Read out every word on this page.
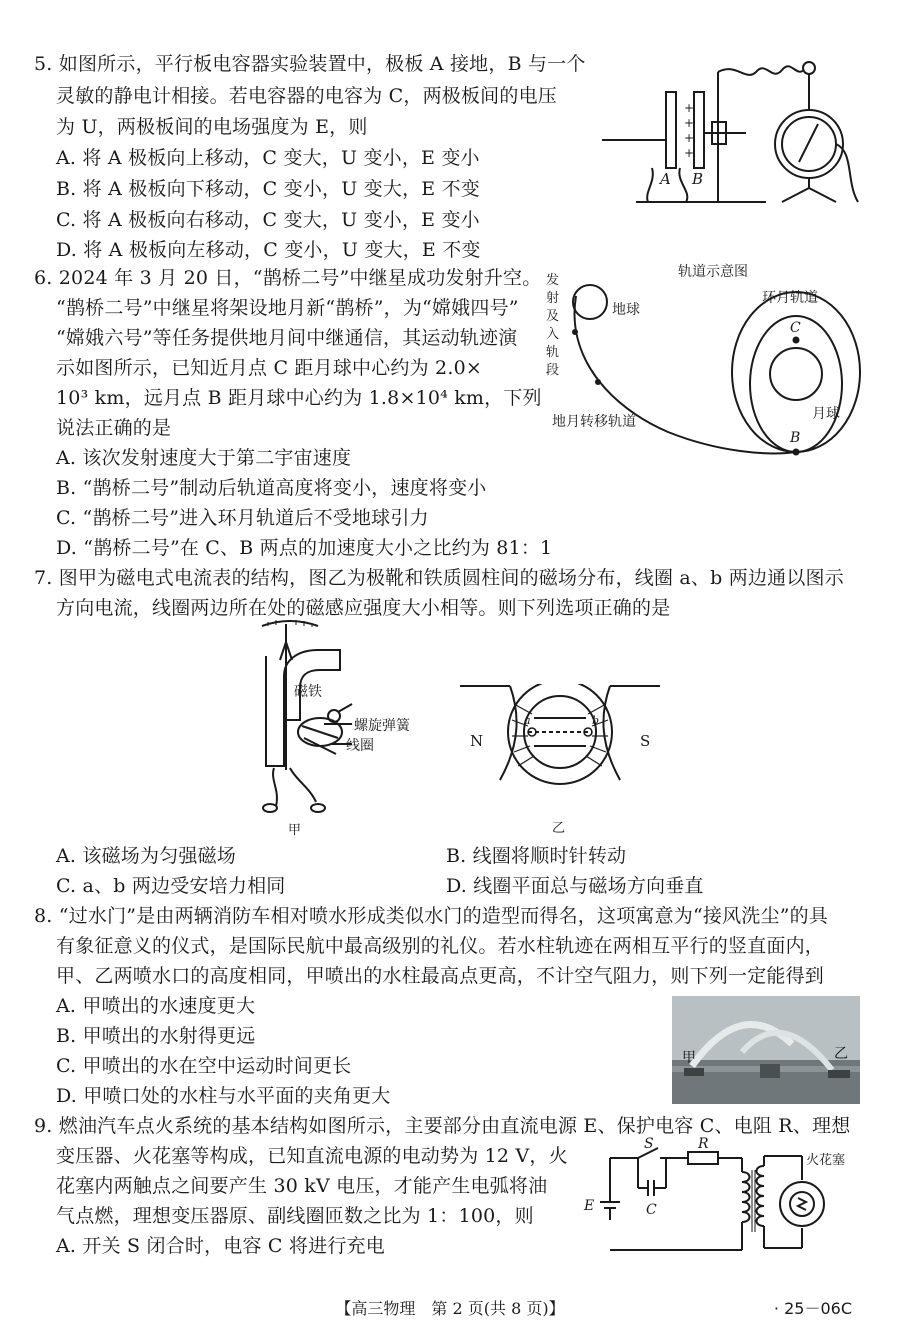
5. 如图所示，平行板电容器实验装置中，极板 A 接地，B 与一个
灵敏的静电计相接。若电容器的电容为 C，两极板间的电压
为 U，两极板间的电场强度为 E，则
A. 将 A 极板向上移动，C 变大，U 变小，E 变小
B. 将 A 极板向下移动，C 变小，U 变大，E 不变
C. 将 A 极板向右移动，C 变大，U 变小，E 变小
D. 将 A 极板向左移动，C 变小，U 变大，E 不变
+
+
+
+
A B
6. 2024 年 3 月 20 日，“鹊桥二号”中继星成功发射升空。
“鹊桥二号”中继星将架设地月新“鹊桥”，为“嫦娥四号”
“嫦娥六号”等任务提供地月间中继通信，其运动轨迹演
示如图所示，已知近月点 C 距月球中心约为 2.0×
10³ km，远月点 B 距月球中心约为 1.8×10⁴ km，下列
说法正确的是
A. 该次发射速度大于第二宇宙速度
B. “鹊桥二号”制动后轨道高度将变小，速度将变小
C. “鹊桥二号”进入环月轨道后不受地球引力
D. “鹊桥二号”在 C、B 两点的加速度大小之比约为 81：1
轨道示意图
发
射
及
入
轨
段
地球
环月轨道
C
月球
B
地月转移轨道
7. 图甲为磁电式电流表的结构，图乙为极靴和铁质圆柱间的磁场分布，线圈 a、b 两边通以图示
方向电流，线圈两边所在处的磁感应强度大小相等。则下列选项正确的是
磁铁
螺旋弹簧
线圈
甲
N	S
a	b
乙
A. 该磁场为匀强磁场	B. 线圈将顺时针转动
C. a、b 两边受安培力相同	D. 线圈平面总与磁场方向垂直
8. “过水门”是由两辆消防车相对喷水形成类似水门的造型而得名，这项寓意为“接风洗尘”的具
有象征意义的仪式，是国际民航中最高级别的礼仪。若水柱轨迹在两相互平行的竖直面内，
甲、乙两喷水口的高度相同，甲喷出的水柱最高点更高，不计空气阻力，则下列一定能得到
A. 甲喷出的水速度更大
B. 甲喷出的水射得更远
C. 甲喷出的水在空中运动时间更长
D. 甲喷口处的水柱与水平面的夹角更大
甲	乙
9. 燃油汽车点火系统的基本结构如图所示，主要部分由直流电源 E、保护电容 C、电阻 R、理想
变压器、火花塞等构成，已知直流电源的电动势为 12 V，火
花塞内两触点之间要产生 30 kV 电压，才能产生电弧将油
气点燃，理想变压器原、副线圈匝数之比为 1：100，则
A. 开关 S 闭合时，电容 C 将进行充电
S	R
E	C
火花塞
【高三物理　第 2 页(共 8 页)】	· 25－06C
